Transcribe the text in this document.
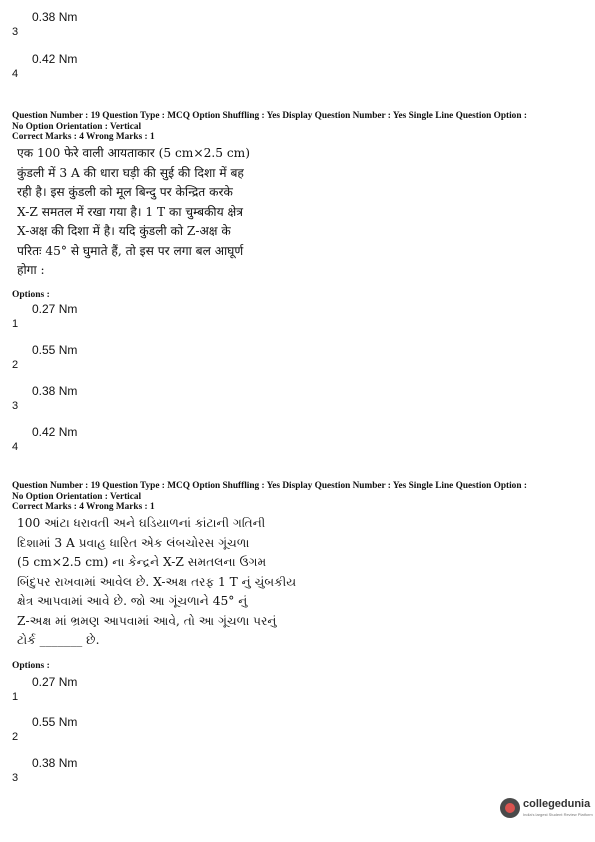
3
0.38 Nm
4
0.42 Nm
Question Number : 19 Question Type : MCQ Option Shuffling : Yes Display Question Number : Yes Single Line Question Option :
No Option Orientation : Vertical
Correct Marks : 4 Wrong Marks : 1
एक 100 फेरे वाली आयताकार (5 cm×2.5 cm)
कुंडली में 3 A की धारा घड़ी की सुई की दिशा में बह
रही है। इस कुंडली को मूल बिन्दु पर केन्द्रित करके
X-Z समतल में रखा गया है। 1 T का चुम्बकीय क्षेत्र
X-अक्ष की दिशा में है। यदि कुंडली को Z-अक्ष के
परितः 45° से घुमाते हैं, तो इस पर लगा बल आघूर्ण
होगा :
Options :
1
0.27 Nm
2
0.55 Nm
3
0.38 Nm
4
0.42 Nm
Question Number : 19 Question Type : MCQ Option Shuffling : Yes Display Question Number : Yes Single Line Question Option :
No Option Orientation : Vertical
Correct Marks : 4 Wrong Marks : 1
100 આંટા ધરાવતી અને ઘડિયાળનાં કાંટાની ગતિની
દિશામાં 3 A પ્રવાહ ધારિત એક લંબચોરસ ગૂંચળા
(5 cm×2.5 cm) ના કેન્દ્રને X-Z સમતલના ઉગમ
બિંદુપર રાખવામાં આવેલ છે. X-અક્ષ તરફ 1 T નું ચુંબકીય
ક્ષેત્ર આપવામાં આવે છે. જો આ ગૂંચળાને 45° નું
Z-અક્ષ માં ભ્રમણ આપવામાં આવે, તો આ ગૂંચળા પરનું
ટોર્ક _______ છે.
Options :
1
0.27 Nm
2
0.55 Nm
3
0.38 Nm
collegedunia
India's largest Student Review Platform
